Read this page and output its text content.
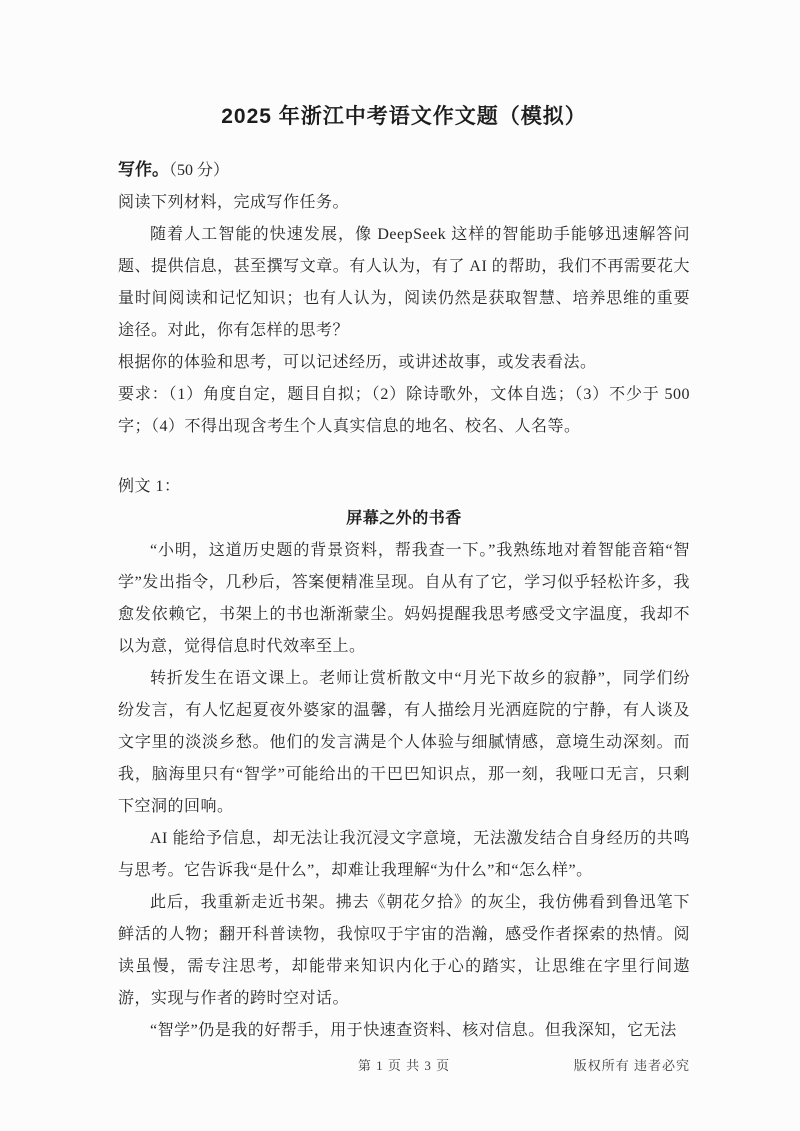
2025 年浙江中考语文作文题（模拟）

写作。（50 分）

阅读下列材料，完成写作任务。

随着人工智能的快速发展，像 DeepSeek 这样的智能助手能够迅速解答问题、提供信息，甚至撰写文章。有人认为，有了 AI 的帮助，我们不再需要花大量时间阅读和记忆知识；也有人认为，阅读仍然是获取智慧、培养思维的重要途径。对此，你有怎样的思考？

根据你的体验和思考，可以记述经历，或讲述故事，或发表看法。

要求：（1）角度自定，题目自拟；（2）除诗歌外，文体自选；（3）不少于 500 字；（4）不得出现含考生个人真实信息的地名、校名、人名等。

例文 1：

屏幕之外的书香

“小明，这道历史题的背景资料，帮我查一下。”我熟练地对着智能音箱“智学”发出指令，几秒后，答案便精准呈现。自从有了它，学习似乎轻松许多，我愈发依赖它，书架上的书也渐渐蒙尘。妈妈提醒我思考感受文字温度，我却不以为意，觉得信息时代效率至上。

转折发生在语文课上。老师让赏析散文中“月光下故乡的寂静”，同学们纷纷发言，有人忆起夏夜外婆家的温馨，有人描绘月光洒庭院的宁静，有人谈及文字里的淡淡乡愁。他们的发言满是个人体验与细腻情感，意境生动深刻。而我，脑海里只有“智学”可能给出的干巴巴知识点，那一刻，我哑口无言，只剩下空洞的回响。

AI 能给予信息，却无法让我沉浸文字意境，无法激发结合自身经历的共鸣与思考。它告诉我“是什么”，却难让我理解“为什么”和“怎么样”。

此后，我重新走近书架。拂去《朝花夕拾》的灰尘，我仿佛看到鲁迅笔下鲜活的人物；翻开科普读物，我惊叹于宇宙的浩瀚，感受作者探索的热情。阅读虽慢，需专注思考，却能带来知识内化于心的踏实，让思维在字里行间遨游，实现与作者的跨时空对话。

“智学”仍是我的好帮手，用于快速查资料、核对信息。但我深知，它无法

第 1 页 共 3 页	版权所有 违者必究
